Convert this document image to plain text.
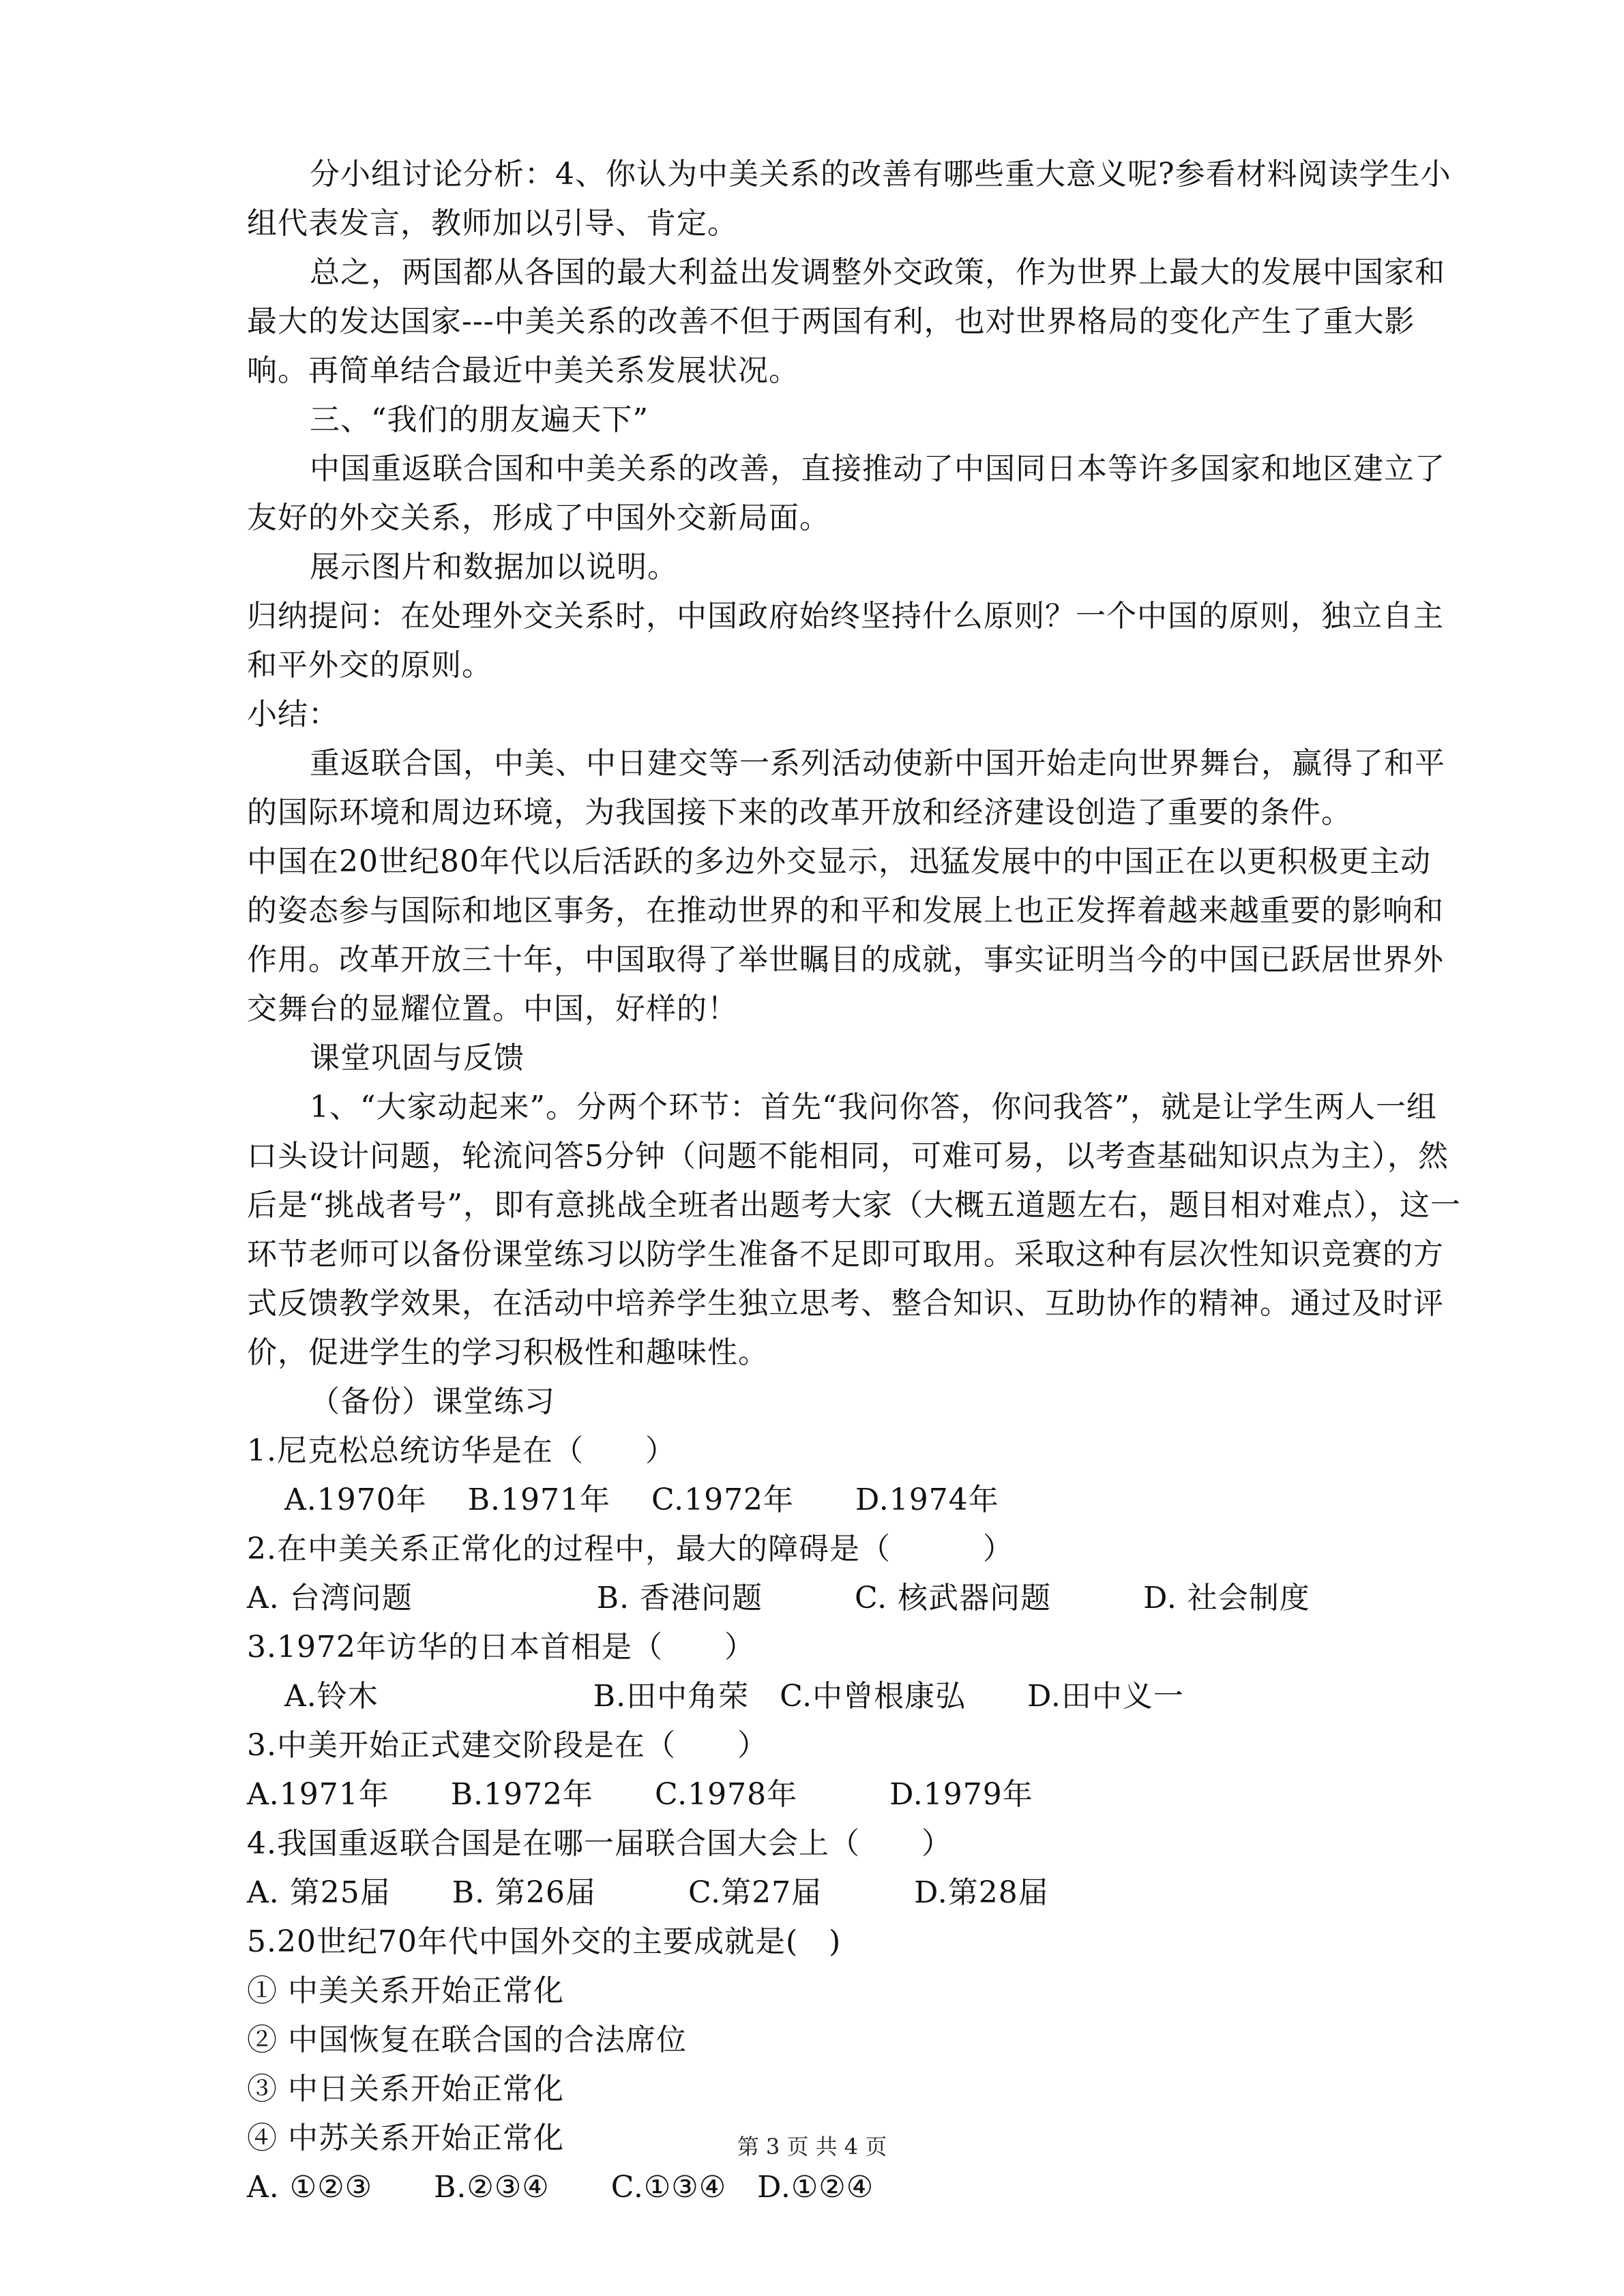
分小组讨论分析：4、你认为中美关系的改善有哪些重大意义呢?参看材料阅读学生小组代表发言，教师加以引导、肯定。

总之，两国都从各国的最大利益出发调整外交政策，作为世界上最大的发展中国家和最大的发达国家---中美关系的改善不但于两国有利，也对世界格局的变化产生了重大影响。再简单结合最近中美关系发展状况。

三、“我们的朋友遍天下”

中国重返联合国和中美关系的改善，直接推动了中国同日本等许多国家和地区建立了友好的外交关系，形成了中国外交新局面。

展示图片和数据加以说明。

归纳提问：在处理外交关系时，中国政府始终坚持什么原则？一个中国的原则，独立自主和平外交的原则。

小结：

重返联合国，中美、中日建交等一系列活动使新中国开始走向世界舞台，赢得了和平的国际环境和周边环境，为我国接下来的改革开放和经济建设创造了重要的条件。

中国在20世纪80年代以后活跃的多边外交显示，迅猛发展中的中国正在以更积极更主动的姿态参与国际和地区事务，在推动世界的和平和发展上也正发挥着越来越重要的影响和作用。改革开放三十年，中国取得了举世瞩目的成就，事实证明当今的中国已跃居世界外交舞台的显耀位置。中国，好样的！

课堂巩固与反馈

1、“大家动起来”。分两个环节：首先“我问你答，你问我答”，就是让学生两人一组口头设计问题，轮流问答5分钟（问题不能相同，可难可易，以考查基础知识点为主），然后是“挑战者号”，即有意挑战全班者出题考大家（大概五道题左右，题目相对难点），这一环节老师可以备份课堂练习以防学生准备不足即可取用。采取这种有层次性知识竞赛的方式反馈教学效果，在活动中培养学生独立思考、整合知识、互助协作的精神。通过及时评价，促进学生的学习积极性和趣味性。

（备份）课堂练习

1.尼克松总统访华是在（　　）

A.1970年　 B.1971年　 C.1972年　　D.1974年

2.在中美关系正常化的过程中，最大的障碍是（　　　）

A. 台湾问题　　　　　　B. 香港问题　　　C. 核武器问题　　　D. 社会制度

3.1972年访华的日本首相是（　　）

A.铃木　　　　　　　B.田中角荣　C.中曾根康弘　　D.田中义一

3.中美开始正式建交阶段是在（　　）

A.1971年　　B.1972年　　C.1978年　　　D.1979年

4.我国重返联合国是在哪一届联合国大会上（　　）

A. 第25届　　B. 第26届　　　C.第27届　　　D.第28届

5.20世纪70年代中国外交的主要成就是(　)

① 中美关系开始正常化

② 中国恢复在联合国的合法席位

③ 中日关系开始正常化

④ 中苏关系开始正常化

A. ①②③　　B.②③④　　C.①③④　D.①②④

第 3 页 共 4 页
